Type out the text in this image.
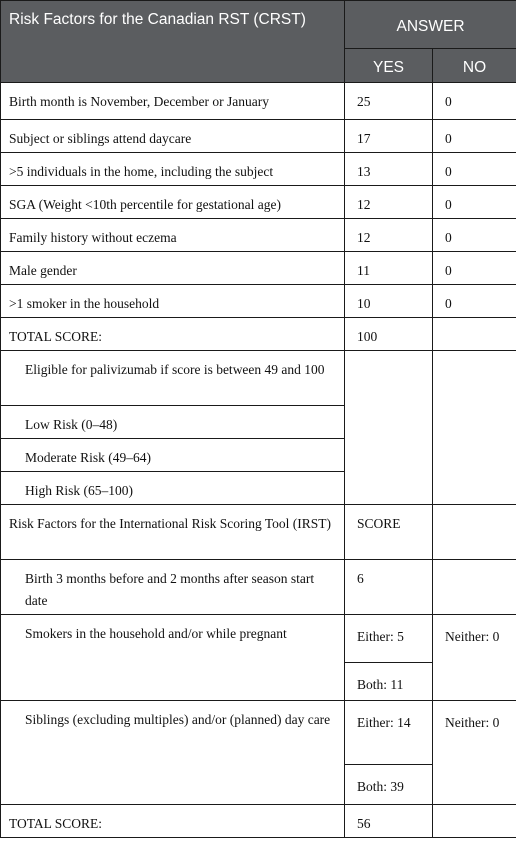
Risk Factors for the Canadian RST (CRST)	ANSWER	
	YES	NO
Birth month is November, December or January	25	0
Subject or siblings attend daycare	17	0
>5 individuals in the home, including the subject	13	0
SGA (Weight <10th percentile for gestational age)	12	0
Family history without eczema	12	0
Male gender	11	0
>1 smoker in the household	10	0
TOTAL SCORE:	100	
Eligible for palivizumab if score is between 49 and 100		
Low Risk (0–48)		
Moderate Risk (49–64)		
High Risk (65–100)		
Risk Factors for the International Risk Scoring Tool (IRST)	SCORE	
Birth 3 months before and 2 months after season start date	6	
Smokers in the household and/or while pregnant	Either: 5	Neither: 0
	Both: 11	
Siblings (excluding multiples) and/or (planned) day care	Either: 14	Neither: 0
	Both: 39	
TOTAL SCORE:	56	
